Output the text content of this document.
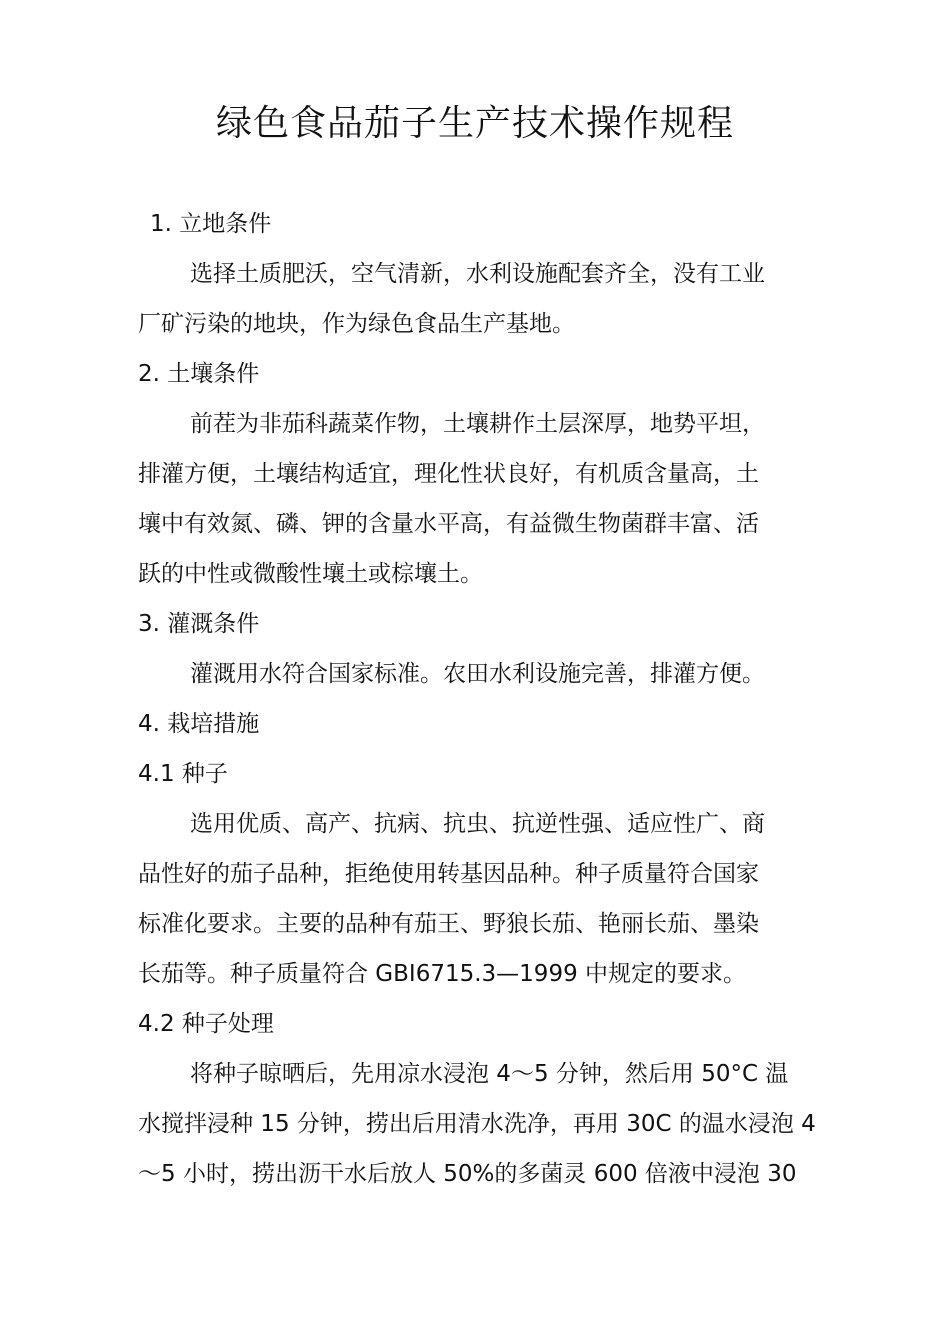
绿色食品茄子生产技术操作规程
1. 立地条件
选择土质肥沃，空气清新，水利设施配套齐全，没有工业
厂矿污染的地块，作为绿色食品生产基地。
2. 土壤条件
前茬为非茄科蔬菜作物，土壤耕作土层深厚，地势平坦，
排灌方便，土壤结构适宜，理化性状良好，有机质含量高，土
壤中有效氮、磷、钾的含量水平高，有益微生物菌群丰富、活
跃的中性或微酸性壤土或棕壤土。
3. 灌溉条件
灌溉用水符合国家标准。农田水利设施完善，排灌方便。
4. 栽培措施
4.1 种子
选用优质、高产、抗病、抗虫、抗逆性强、适应性广、商
品性好的茄子品种，拒绝使用转基因品种。种子质量符合国家
标准化要求。主要的品种有茄王、野狼长茄、艳丽长茄、墨染
长茄等。种子质量符合 GBI6715.3—1999 中规定的要求。
4.2 种子处理
将种子晾晒后，先用凉水浸泡 4〜5 分钟，然后用 50°C 温
水搅拌浸种 15 分钟，捞出后用清水洗净，再用 30C 的温水浸泡 4
〜5 小时，捞出沥干水后放人 50%的多菌灵 600 倍液中浸泡 30
